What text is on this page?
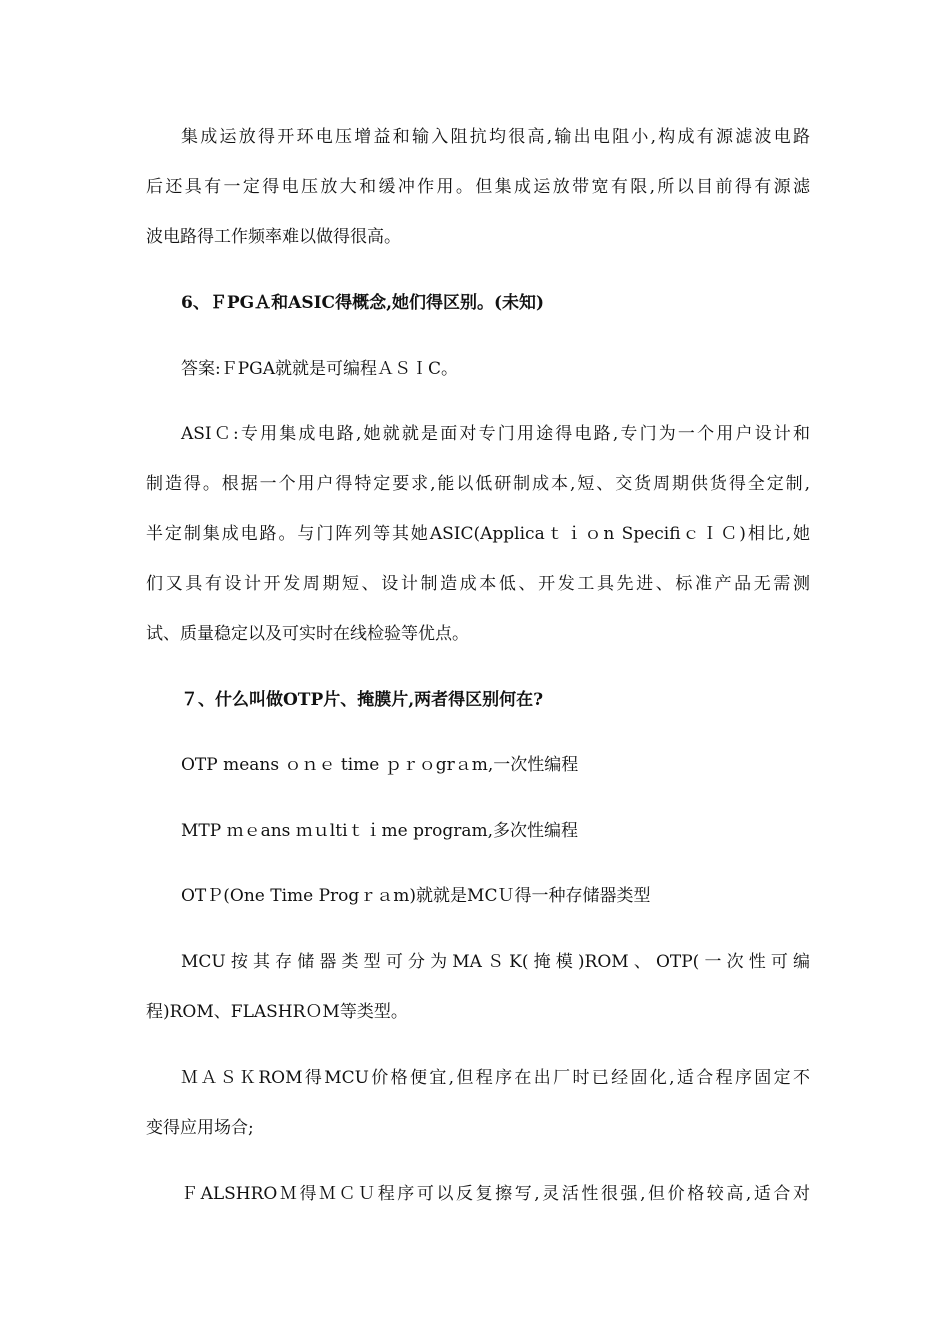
集成运放得开环电压增益和输入阻抗均很高,输出电阻小,构成有源滤波电路
后还具有一定得电压放大和缓冲作用。但集成运放带宽有限,所以目前得有源滤
波电路得工作频率难以做得很高。
6、ＦPGＡ和ASIC得概念,她们得区别。(未知)
答案:ＦPGA就就是可编程ＡＳＩC。
ASIＣ:专用集成电路,她就就是面对专门用途得电路,专门为一个用户设计和
制造得。根据一个用户得特定要求,能以低研制成本,短、交货周期供货得全定制,
半定制集成电路。与门阵列等其她ASIC(Applicaｔｉｏn SpecifiｃＩＣ)相比,她
们又具有设计开发周期短、设计制造成本低、开发工具先进、标准产品无需测
试、质量稳定以及可实时在线检验等优点。
７、什么叫做OTP片、掩膜片,两者得区别何在?
OTP means ｏｎｅ time ｐｒｏgrａm,一次性编程
MTP ｍｅans ｍｕltiｔｉme program,多次性编程
OTＰ(One Time Progｒａm)就就是MCＵ得一种存储器类型
MCU按其存储器类型可分为MAＳK(掩模)ROM、OTP(一次性可编
程)ROM、FLASHRＯM等类型。
ＭＡＳＫROM得MCU价格便宜,但程序在出厂时已经固化,适合程序固定不
变得应用场合;
ＦALSHROＭ得ＭＣＵ程序可以反复擦写,灵活性很强,但价格较高,适合对
